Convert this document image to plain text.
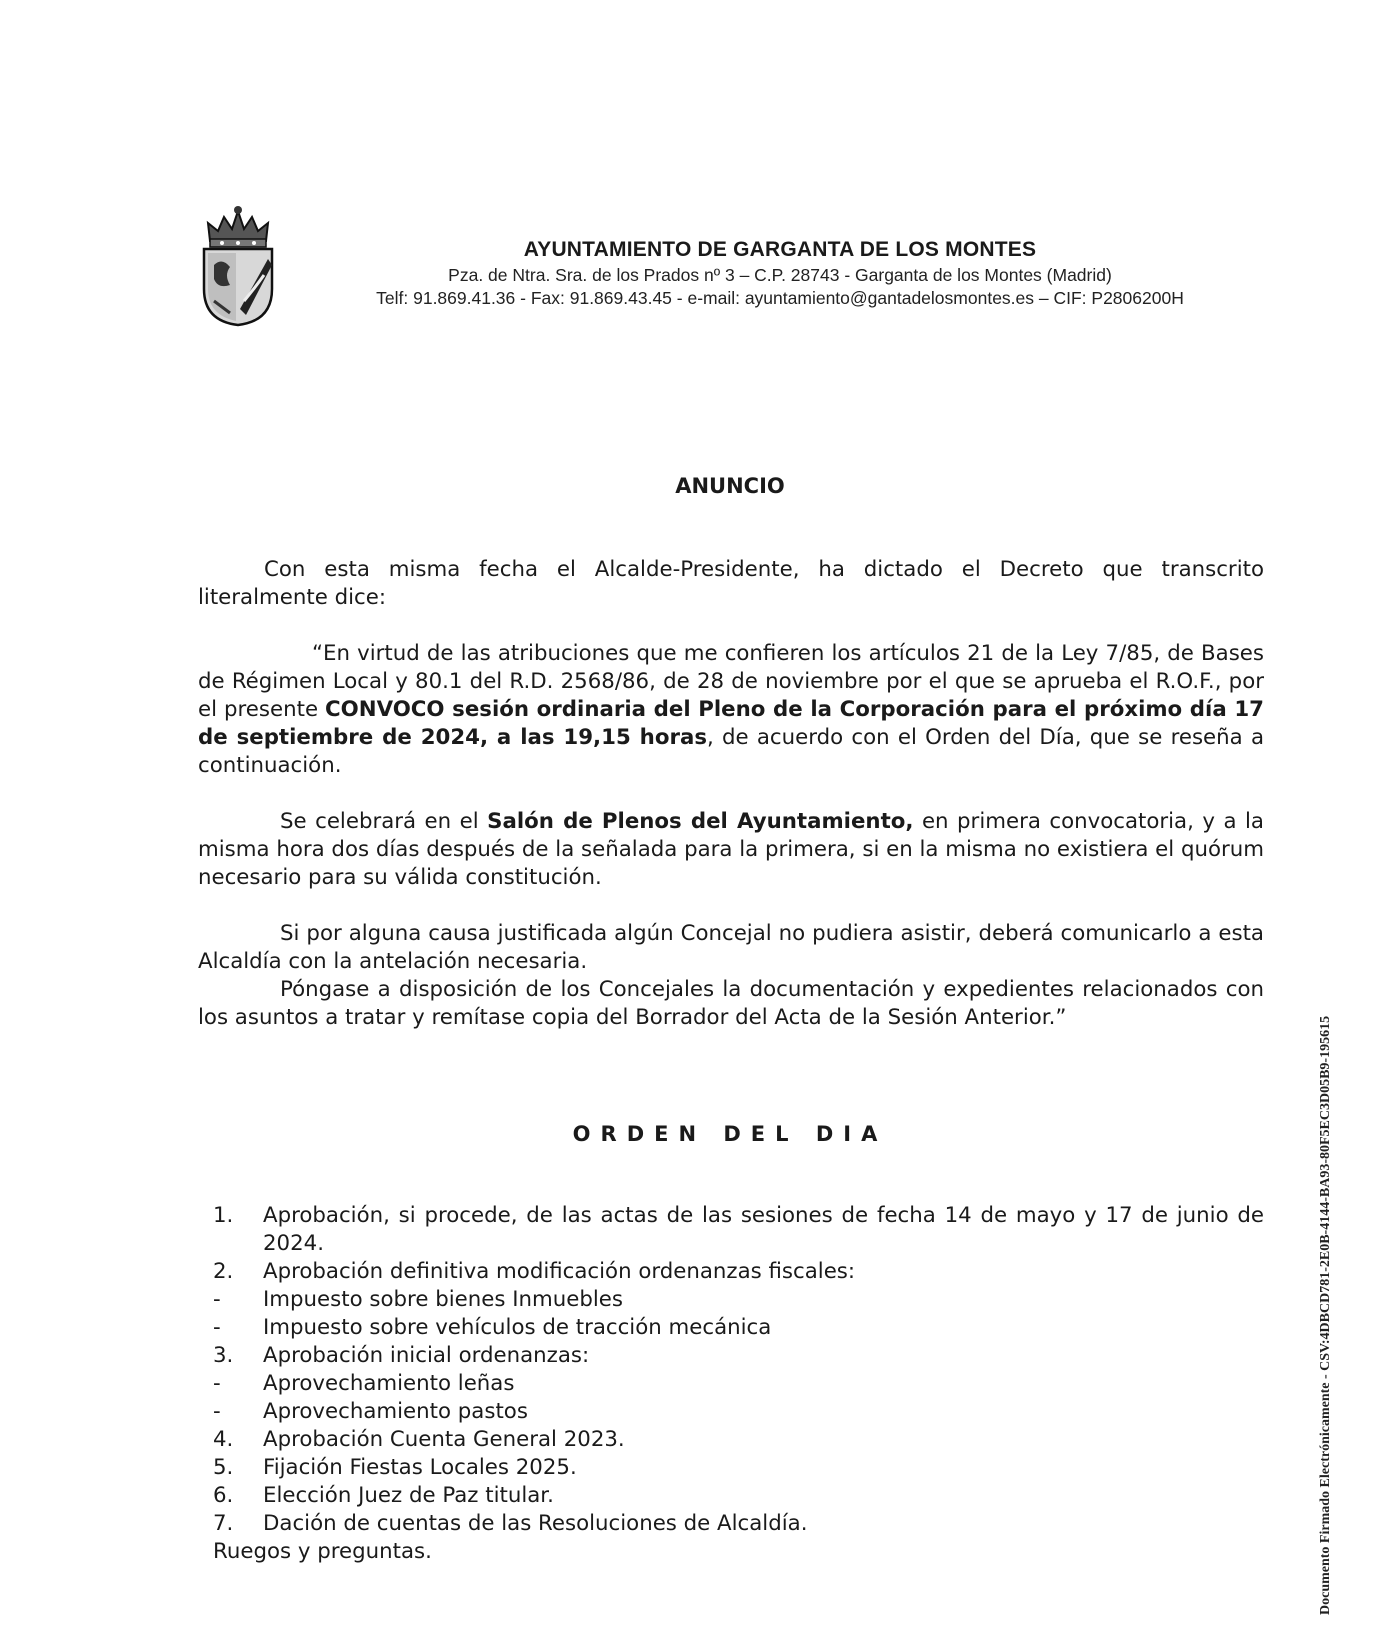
AYUNTAMIENTO DE GARGANTA DE LOS MONTES
Pza. de Ntra. Sra. de los Prados nº 3 – C.P. 28743 - Garganta de los Montes (Madrid)
Telf: 91.869.41.36 - Fax: 91.869.43.45 - e-mail: ayuntamiento@gantadelosmontes.es – CIF: P2806200H
ANUNCIO

Con esta misma fecha el Alcalde-Presidente, ha dictado el Decreto que transcrito literalmente dice:

“En virtud de las atribuciones que me confieren los artículos 21 de la Ley 7/85, de Bases de Régimen Local y 80.1 del R.D. 2568/86, de 28 de noviembre por el que se aprueba el R.O.F., por el presente CONVOCO sesión ordinaria del Pleno de la Corporación para el próximo día 17 de septiembre de 2024, a las 19,15 horas, de acuerdo con el Orden del Día, que se reseña a continuación.

Se celebrará en el Salón de Plenos del Ayuntamiento, en primera convocatoria, y a la misma hora dos días después de la señalada para la primera, si en la misma no existiera el quórum necesario para su válida constitución.

Si por alguna causa justificada algún Concejal no pudiera asistir, deberá comunicarlo a esta Alcaldía con la antelación necesaria.

Póngase a disposición de los Concejales la documentación y expedientes relacionados con los asuntos a tratar y remítase copia del Borrador del Acta de la Sesión Anterior.”

ORDEN DEL DIA
1.	Aprobación, si procede, de las actas de las sesiones de fecha 14 de mayo y 17 de junio de 2024.
2.	Aprobación definitiva modificación ordenanzas fiscales:
-	Impuesto sobre bienes Inmuebles
-	Impuesto sobre vehículos de tracción mecánica
3.	Aprobación inicial ordenanzas:
-	Aprovechamiento leñas
-	Aprovechamiento pastos
4.	Aprobación Cuenta General 2023.
5.	Fijación Fiestas Locales 2025.
6.	Elección Juez de Paz titular.
7.	Dación de cuentas de las Resoluciones de Alcaldía.
Ruegos y preguntas.	Documento Firmado Electrónicamente - CSV:4DBCD781-2E0B-4144-BA93-80F5EC3D05B9-195615
